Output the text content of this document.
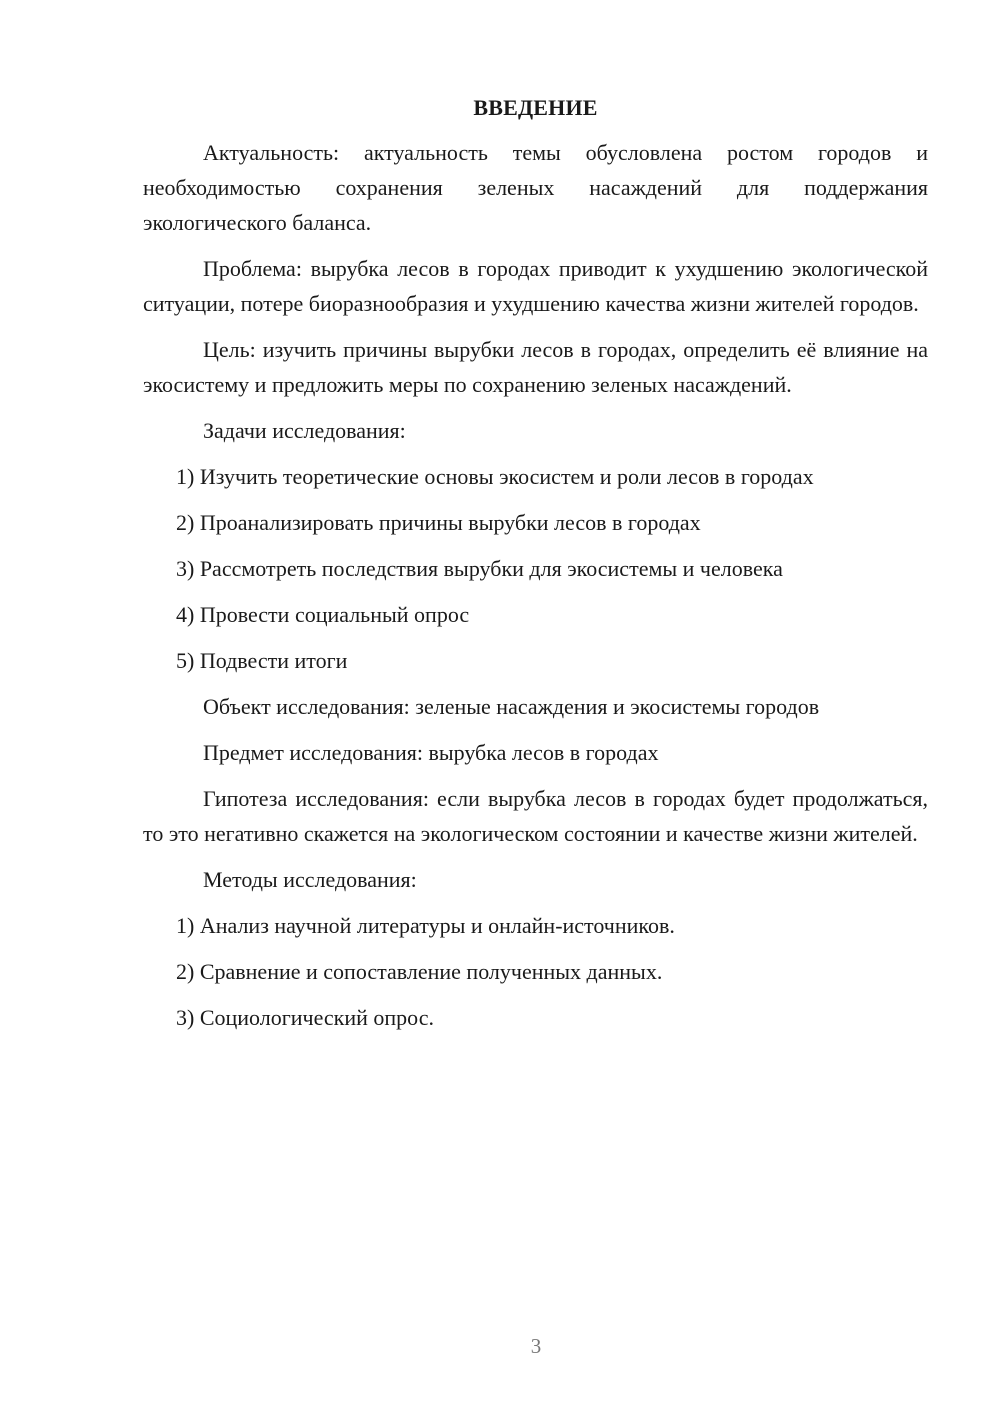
ВВЕДЕНИЕ
Актуальность: актуальность темы обусловлена ростом городов и необходимостью сохранения зеленых насаждений для поддержания экологического баланса.
Проблема: вырубка лесов в городах приводит к ухудшению экологической ситуации, потере биоразнообразия и ухудшению качества жизни жителей городов.
Цель: изучить причины вырубки лесов в городах, определить её влияние на экосистему и предложить меры по сохранению зеленых насаждений.
Задачи исследования:
1) Изучить теоретические основы экосистем и роли лесов в городах
2) Проанализировать причины вырубки лесов в городах
3) Рассмотреть последствия вырубки для экосистемы и человека
4) Провести социальный опрос
5) Подвести итоги
Объект исследования: зеленые насаждения и экосистемы городов
Предмет исследования: вырубка лесов в городах
Гипотеза исследования: если вырубка лесов в городах будет продолжаться, то это негативно скажется на экологическом состоянии и качестве жизни жителей.
Методы исследования:
1) Анализ научной литературы и онлайн-источников.
2) Сравнение и сопоставление полученных данных.
3) Социологический опрос.
3
